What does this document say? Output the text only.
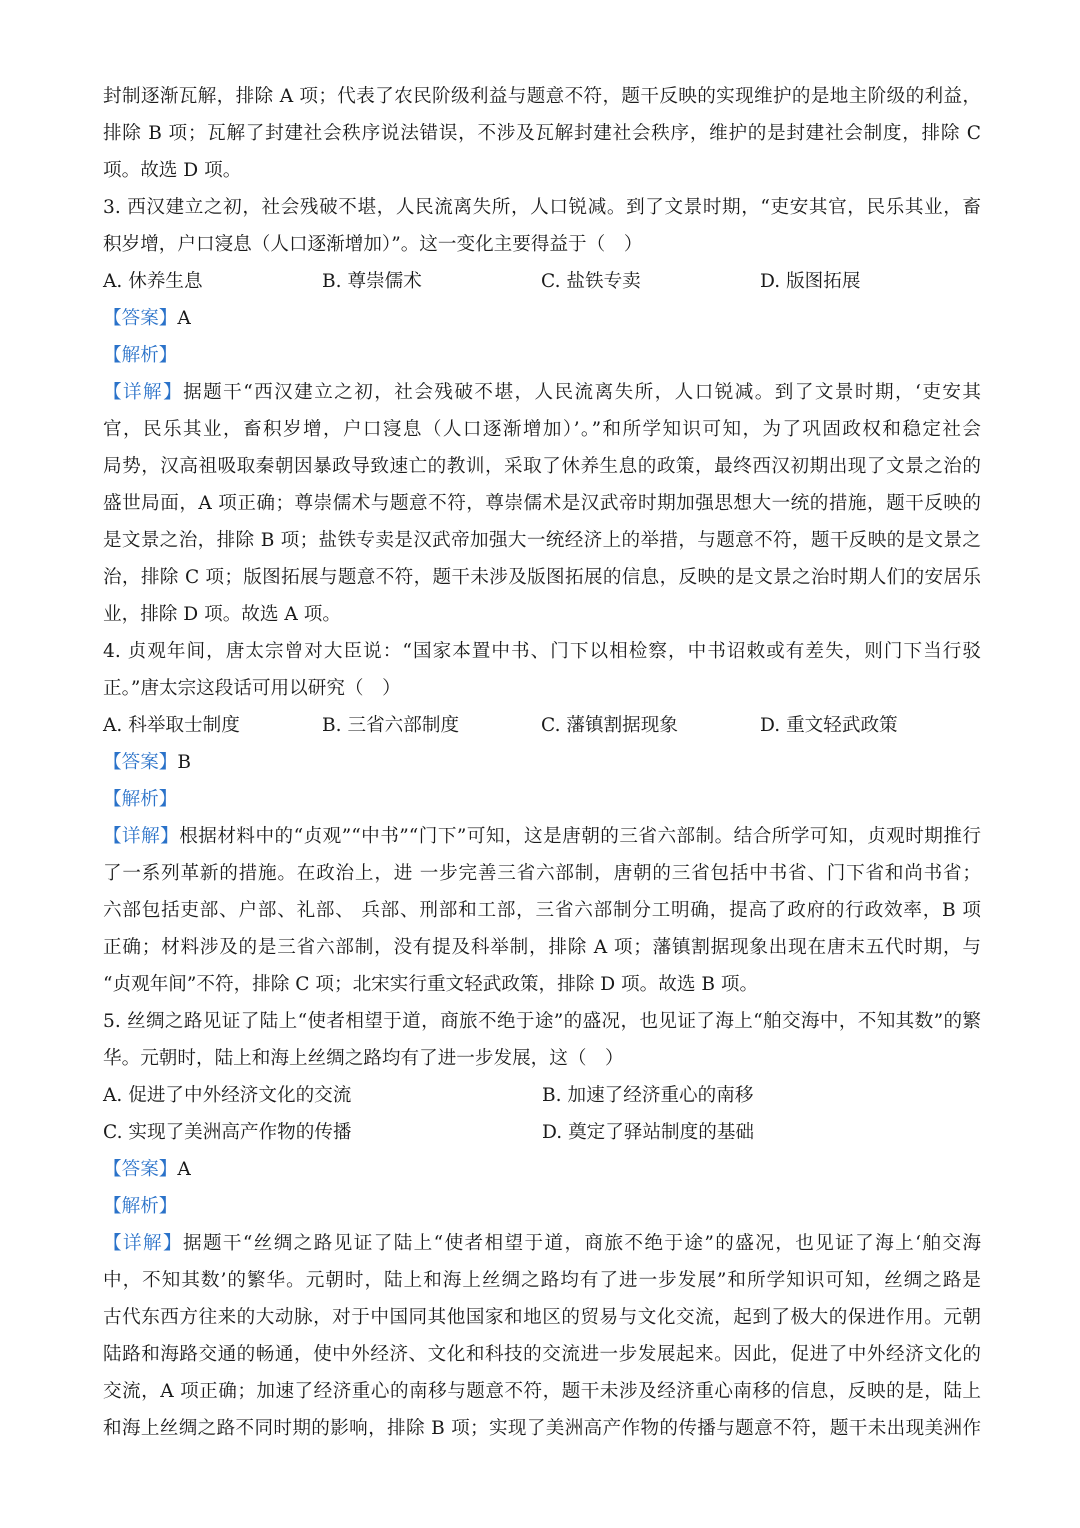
封制逐渐瓦解，排除 A 项；代表了农民阶级利益与题意不符，题干反映的实现维护的是地主阶级的利益，
排除 B 项；瓦解了封建社会秩序说法错误，不涉及瓦解封建社会秩序，维护的是封建社会制度，排除 C
项。故选 D 项。
3. 西汉建立之初，社会残破不堪，人民流离失所，人口锐减。到了文景时期，“吏安其官，民乐其业，畜
积岁增，户口寖息（人口逐渐增加）”。这一变化主要得益于（　）
A. 休养生息	B. 尊崇儒术	C. 盐铁专卖	D. 版图拓展
【答案】A
【解析】
【详解】据题干“西汉建立之初，社会残破不堪，人民流离失所，人口锐减。到了文景时期，‘吏安其
官，民乐其业，畜积岁增，户口寖息（人口逐渐增加）’。”和所学知识可知，为了巩固政权和稳定社会
局势，汉高祖吸取秦朝因暴政导致速亡的教训，采取了休养生息的政策，最终西汉初期出现了文景之治的
盛世局面，A 项正确；尊崇儒术与题意不符，尊崇儒术是汉武帝时期加强思想大一统的措施，题干反映的
是文景之治，排除 B 项；盐铁专卖是汉武帝加强大一统经济上的举措，与题意不符，题干反映的是文景之
治，排除 C 项；版图拓展与题意不符，题干未涉及版图拓展的信息，反映的是文景之治时期人们的安居乐
业，排除 D 项。故选 A 项。
4. 贞观年间，唐太宗曾对大臣说：“国家本置中书、门下以相检察，中书诏敕或有差失，则门下当行驳
正。”唐太宗这段话可用以研究（　）
A. 科举取士制度	B. 三省六部制度	C. 藩镇割据现象	D. 重文轻武政策
【答案】B
【解析】
【详解】根据材料中的“贞观”“中书”“门下”可知，这是唐朝的三省六部制。结合所学可知，贞观时期推行
了一系列革新的措施。在政治上，进 一步完善三省六部制，唐朝的三省包括中书省、门下省和尚书省；
六部包括吏部、户部、礼部、 兵部、刑部和工部，三省六部制分工明确，提高了政府的行政效率，B 项
正确；材料涉及的是三省六部制，没有提及科举制，排除 A 项；藩镇割据现象出现在唐末五代时期，与
“贞观年间”不符，排除 C 项；北宋实行重文轻武政策，排除 D 项。故选 B 项。
5. 丝绸之路见证了陆上“使者相望于道，商旅不绝于途”的盛况，也见证了海上“舶交海中，不知其数”的繁
华。元朝时，陆上和海上丝绸之路均有了进一步发展，这（　）
A. 促进了中外经济文化的交流	B. 加速了经济重心的南移
C. 实现了美洲高产作物的传播	D. 奠定了驿站制度的基础
【答案】A
【解析】
【详解】据题干“丝绸之路见证了陆上“使者相望于道，商旅不绝于途”的盛况，也见证了海上‘舶交海
中，不知其数’的繁华。元朝时，陆上和海上丝绸之路均有了进一步发展”和所学知识可知，丝绸之路是
古代东西方往来的大动脉，对于中国同其他国家和地区的贸易与文化交流，起到了极大的保进作用。元朝
陆路和海路交通的畅通，使中外经济、文化和科技的交流进一步发展起来。因此，促进了中外经济文化的
交流，A 项正确；加速了经济重心的南移与题意不符，题干未涉及经济重心南移的信息，反映的是，陆上
和海上丝绸之路不同时期的影响，排除 B 项；实现了美洲高产作物的传播与题意不符，题干未出现美洲作
